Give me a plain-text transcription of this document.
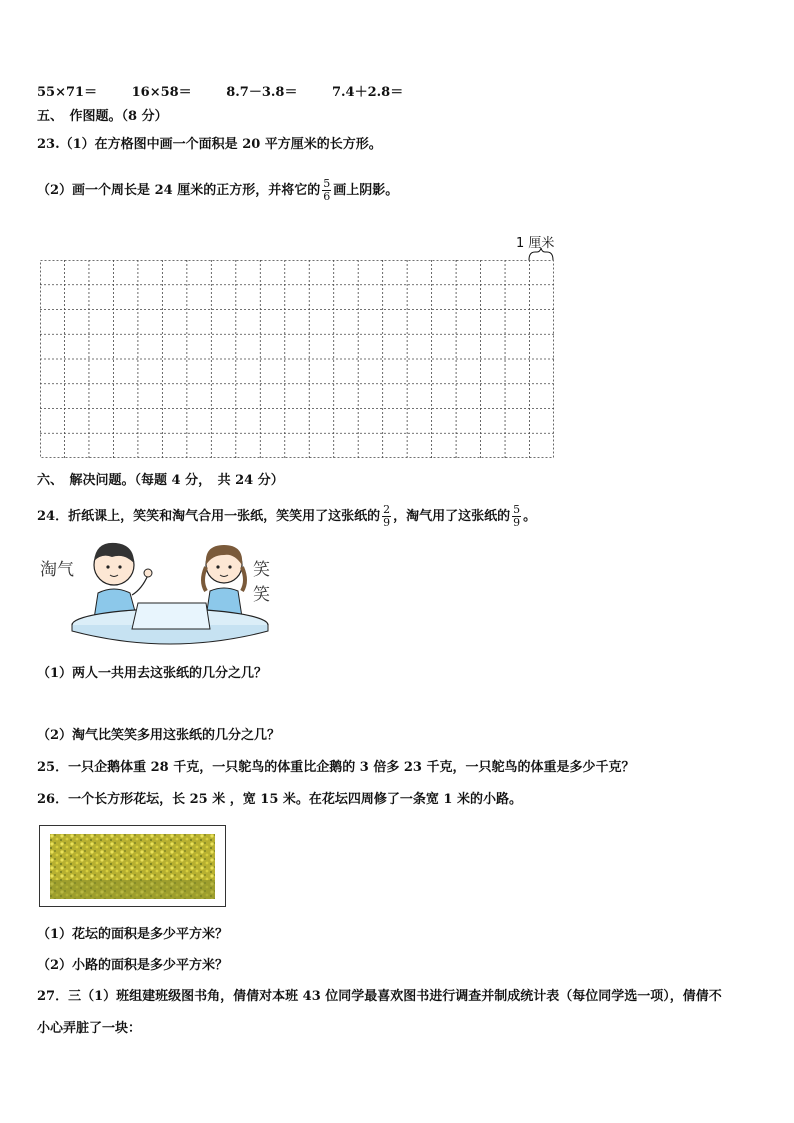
55×71＝	16×58＝	8.7－3.8＝	7.4＋2.8＝
五、　作图题。（8 分）
23.（1）在方格图中画一个面积是 20 平方厘米的长方形。
（2）画一个周长是 24 厘米的正方形，并将它的 $\frac{5}{6}$ 画上阴影。
1 厘米
六、　解决问题。（每题 4 分，　共 24 分）
24．折纸课上，笑笑和淘气合用一张纸，笑笑用了这张纸的 $\frac{2}{9}$ ，淘气用了这张纸的 $\frac{5}{9}$ 。
淘气	笑笑
（1）两人一共用去这张纸的几分之几？
（2）淘气比笑笑多用这张纸的几分之几？
25．一只企鹅体重 28 千克，一只鸵鸟的体重比企鹅的 3 倍多 23 千克，一只鸵鸟的体重是多少千克？
26．一个长方形花坛，长 25 米 ，宽 15 米。在花坛四周修了一条宽 1 米的小路。
（1）花坛的面积是多少平方米？
（2）小路的面积是多少平方米？
27．三（1）班组建班级图书角，倩倩对本班 43 位同学最喜欢图书进行调查并制成统计表（每位同学选一项），倩倩不
小心弄脏了一块：
